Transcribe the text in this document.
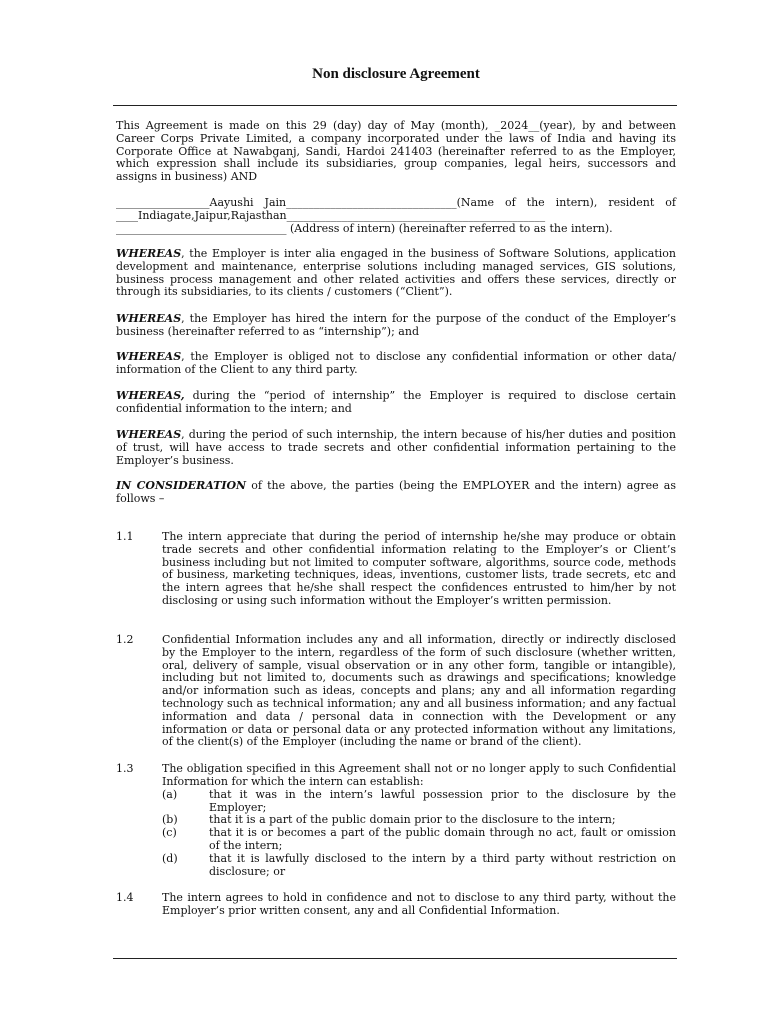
Non disclosure Agreement
This Agreement is made on this 29 (day) day of May (month), _2024__(year), by and between Career Corps Private Limited, a company incorporated under the laws of India and having its Corporate Office at Nawabganj, Sandi, Hardoi 241403 (hereinafter referred to as the Employer, which expression shall include its subsidiaries, group companies, legal heirs, successors and assigns in business) AND
_________________Aayushi Jain_______________________________(Name of the intern), resident of ____Indiagate,Jaipur,Rajasthan_______________________________________________ _______________________________ (Address of intern) (hereinafter referred to as the intern).
WHEREAS, the Employer is inter alia engaged in the business of Software Solutions, application development and maintenance, enterprise solutions including managed services, GIS solutions, business process management and other related activities and offers these services, directly or through its subsidiaries, to its clients / customers (“Client”).
WHEREAS, the Employer has hired the intern for the purpose of the conduct of the Employer’s business (hereinafter referred to as “internship”); and
WHEREAS, the Employer is obliged not to disclose any confidential information or other data/ information of the Client to any third party.
WHEREAS, during the “period of internship” the Employer is required to disclose certain confidential information to the intern; and
WHEREAS, during the period of such internship, the intern because of his/her duties and position of trust, will have access to trade secrets and other confidential information pertaining to the Employer’s business.
IN CONSIDERATION of the above, the parties (being the EMPLOYER and the intern) agree as follows –
1.1	The intern appreciate that during the period of internship he/she may produce or obtain trade secrets and other confidential information relating to the Employer’s or Client’s business including but not limited to computer software, algorithms, source code, methods of business, marketing techniques, ideas, inventions, customer lists, trade secrets, etc and the intern agrees that he/she shall respect the confidences entrusted to him/her by not disclosing or using such information without the Employer’s written permission.
1.2	Confidential Information includes any and all information, directly or indirectly disclosed by the Employer to the intern, regardless of the form of such disclosure (whether written, oral, delivery of sample, visual observation or in any other form, tangible or intangible), including but not limited to, documents such as drawings and specifications; knowledge and/or information such as ideas, concepts and plans; any and all information regarding technology such as technical information; any and all business information; and any factual information and data / personal data in connection with the Development or any information or data or personal data or any protected information without any limitations, of the client(s) of the Employer (including the name or brand of the client).
1.3	The obligation specified in this Agreement shall not or no longer apply to such Confidential Information for which the intern can establish:
(a)	that it was in the intern’s lawful possession prior to the disclosure by the Employer;
(b)	that it is a part of the public domain prior to the disclosure to the intern;
(c)	that it is or becomes a part of the public domain through no act, fault or omission of the intern;
(d)	that it is lawfully disclosed to the intern by a third party without restriction on disclosure; or
1.4	The intern agrees to hold in confidence and not to disclose to any third party, without the Employer’s prior written consent, any and all Confidential Information.
